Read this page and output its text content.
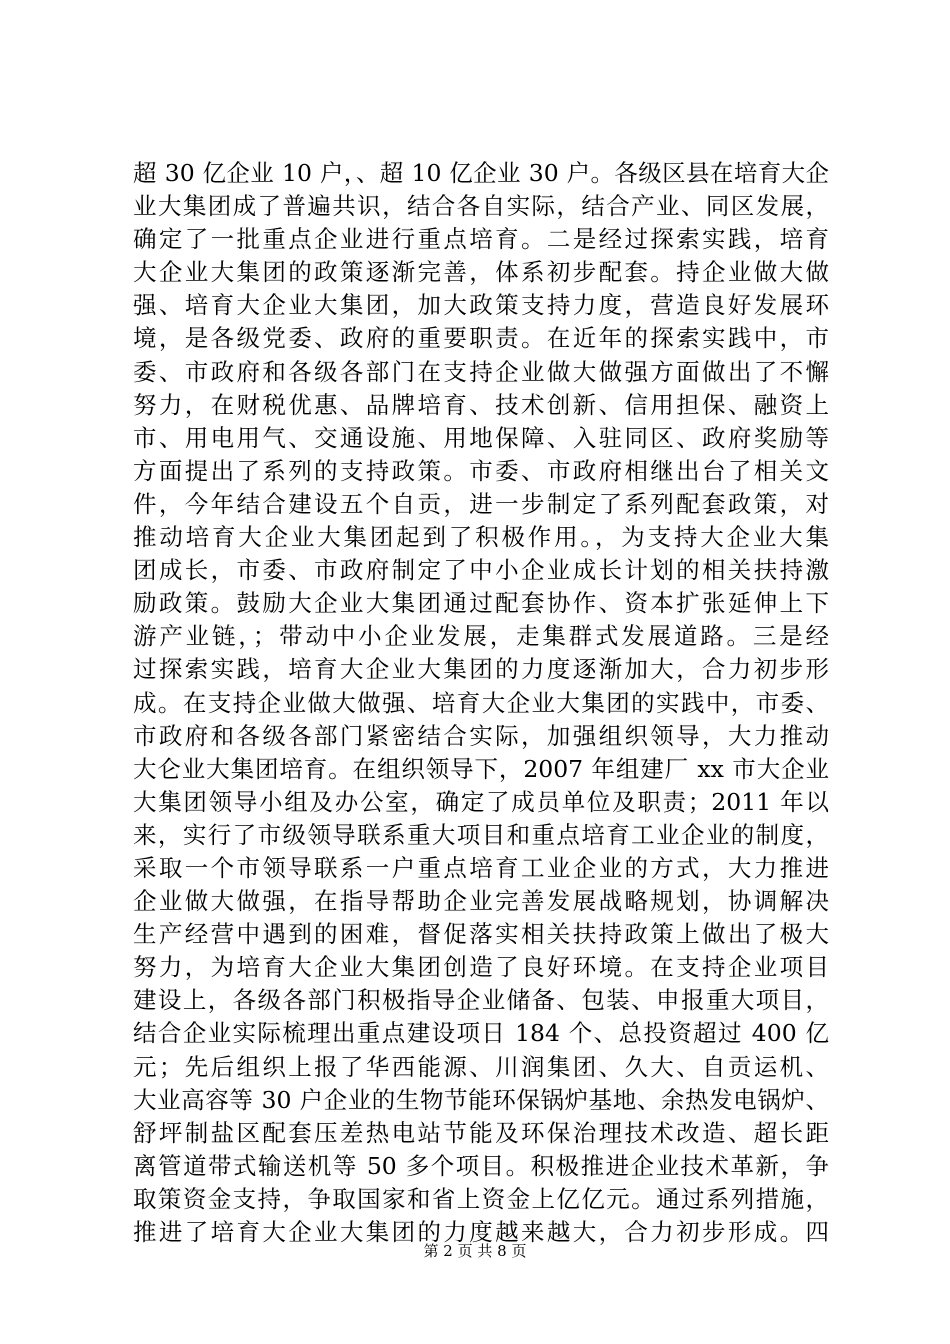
超 30 亿企业 10 户，、超 10 亿企业 30 户。各级区县在培育大企
业大集团成了普遍共识，结合各自实际，结合产业、同区发展，
确定了一批重点企业进行重点培育。二是经过探索实践，培育
大企业大集团的政策逐渐完善，体系初步配套。持企业做大做
强、培育大企业大集团，加大政策支持力度，营造良好发展环
境，是各级党委、政府的重要职责。在近年的探索实践中，市
委、市政府和各级各部门在支持企业做大做强方面做出了不懈
努力，在财税优惠、品牌培育、技术创新、信用担保、融资上
市、用电用气、交通设施、用地保障、入驻同区、政府奖励等
方面提出了系列的支持政策。市委、市政府相继出台了相关文
件，今年结合建设五个自贡，进一步制定了系列配套政策，对
推动培育大企业大集团起到了积极作用。，为支持大企业大集
团成长，市委、市政府制定了中小企业成长计划的相关扶持激
励政策。鼓励大企业大集团通过配套协作、资本扩张延伸上下
游产业链，；带动中小企业发展，走集群式发展道路。三是经
过探索实践，培育大企业大集团的力度逐渐加大，合力初步形
成。在支持企业做大做强、培育大企业大集团的实践中，市委、
市政府和各级各部门紧密结合实际，加强组织领导，大力推动
大仑业大集团培育。在组织领导下，2007 年组建厂 xx 市大企业
大集团领导小组及办公室，确定了成员单位及职责；2011 年以
来，实行了市级领导联系重大项目和重点培育工业企业的制度，
采取一个市领导联系一户重点培育工业企业的方式，大力推进
企业做大做强，在指导帮助企业完善发展战略规划，协调解决
生产经营中遇到的困难，督促落实相关扶持政策上做出了极大
努力，为培育大企业大集团创造了良好环境。在支持企业项目
建设上，各级各部门积极指导企业储备、包装、申报重大项目，
结合企业实际梳理出重点建设项日 184 个、总投资超过 400 亿
元；先后组织上报了华西能源、川润集团、久大、自贡运机、
大业高容等 30 户企业的生物节能环保锅炉基地、余热发电锅炉、
舒坪制盐区配套压差热电站节能及环保治理技术改造、超长距
离管道带式输送机等 50 多个项目。积极推进企业技术革新，争
取策资金支持，争取国家和省上资金上亿亿元。通过系列措施，
推进了培育大企业大集团的力度越来越大，合力初步形成。四
第 2 页 共 8 页
